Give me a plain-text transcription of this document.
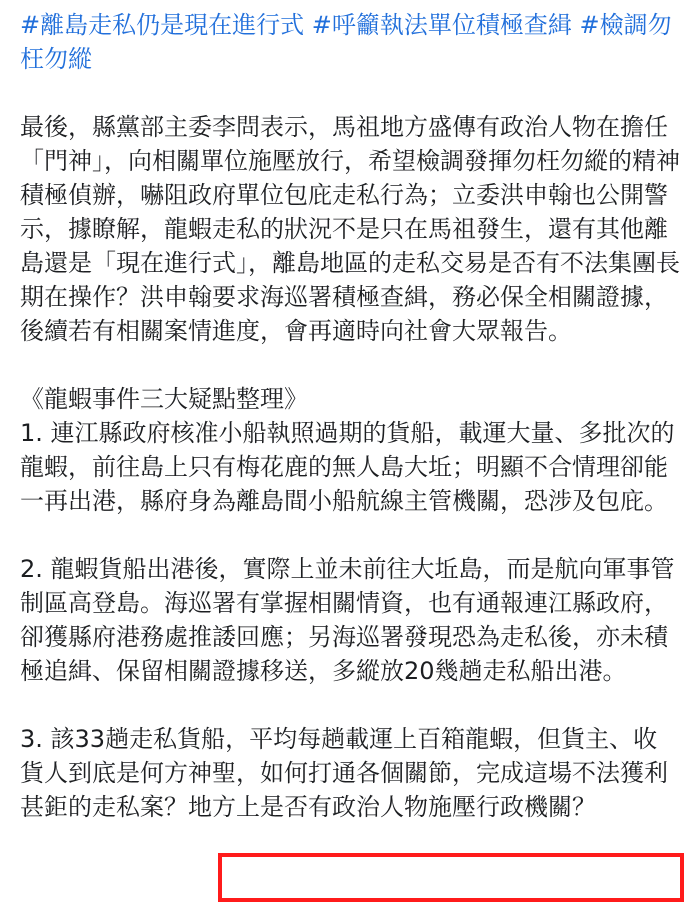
#離島走私仍是現在進行式 #呼籲執法單位積極查緝 #檢調勿枉勿縱

最後，縣黨部主委李問表示，馬祖地方盛傳有政治人物在擔任「門神」，向相關單位施壓放行，希望檢調發揮勿枉勿縱的精神積極偵辦，嚇阻政府單位包庇走私行為；立委洪申翰也公開警示，據瞭解，龍蝦走私的狀況不是只在馬祖發生，還有其他離島還是「現在進行式」，離島地區的走私交易是否有不法集團長期在操作？洪申翰要求海巡署積極查緝，務必保全相關證據，後續若有相關案情進度，會再適時向社會大眾報告。

《龍蝦事件三大疑點整理》

1. 連江縣政府核准小船執照過期的貨船，載運大量、多批次的龍蝦，前往島上只有梅花鹿的無人島大坵；明顯不合情理卻能一再出港，縣府身為離島間小船航線主管機關，恐涉及包庇。

2. 龍蝦貨船出港後，實際上並未前往大坵島，而是航向軍事管制區高登島。海巡署有掌握相關情資，也有通報連江縣政府，卻獲縣府港務處推諉回應；另海巡署發現恐為走私後，亦未積極追緝、保留相關證據移送，多縱放20幾趟走私船出港。

3. 該33趟走私貨船，平均每趟載運上百箱龍蝦，但貨主、收貨人到底是何方神聖，如何打通各個關節，完成這場不法獲利甚鉅的走私案？地方上是否有政治人物施壓行政機關？
